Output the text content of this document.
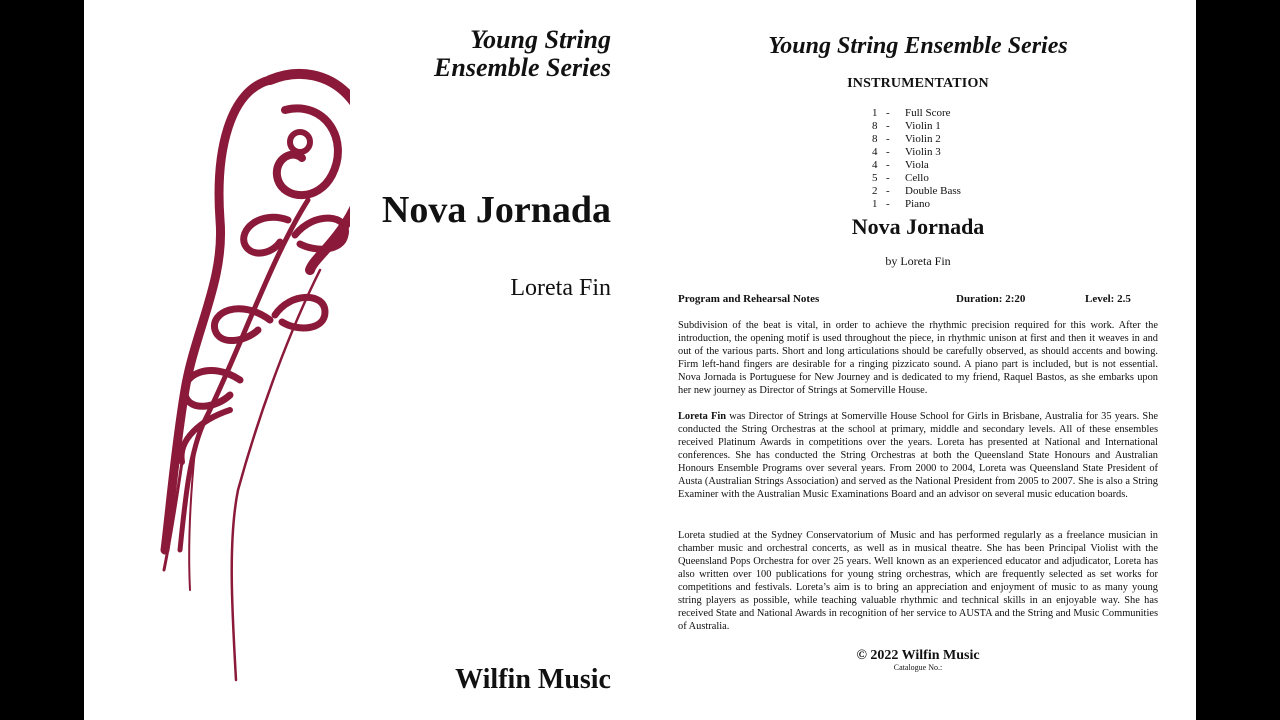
Young String
Ensemble Series
Nova Jornada
Loreta Fin
Wilfin Music
Young String Ensemble Series
INSTRUMENTATION
1 - Full Score
8 - Violin 1
8 - Violin 2
4 - Violin 3
4 - Viola
5 - Cello
2 - Double Bass
1 - Piano
Nova Jornada
by Loreta Fin
Program and Rehearsal Notes	Duration: 2:20	Level: 2.5

Subdivision of the beat is vital, in order to achieve the rhythmic precision required for this work. After the introduction, the opening motif is used throughout the piece, in rhythmic unison at first and then it weaves in and out of the various parts. Short and long articulations should be carefully observed, as should accents and bowing. Firm left-hand fingers are desirable for a ringing pizzicato sound. A piano part is included, but is not essential. Nova Jornada is Portuguese for New Journey and is dedicated to my friend, Raquel Bastos, as she embarks upon her new journey as Director of Strings at Somerville House.

Loreta Fin was Director of Strings at Somerville House School for Girls in Brisbane, Australia for 35 years. She conducted the String Orchestras at the school at primary, middle and secondary levels. All of these ensembles received Platinum Awards in competitions over the years. Loreta has presented at National and International conferences. She has conducted the String Orchestras at both the Queensland State Honours and Australian Honours Ensemble Programs over several years. From 2000 to 2004, Loreta was Queensland State President of Austa (Australian Strings Association) and served as the National President from 2005 to 2007. She is also a String Examiner with the Australian Music Examinations Board and an advisor on several music education boards.

Loreta studied at the Sydney Conservatorium of Music and has performed regularly as a freelance musician in chamber music and orchestral concerts, as well as in musical theatre. She has been Principal Violist with the Queensland Pops Orchestra for over 25 years. Well known as an experienced educator and adjudicator, Loreta has also written over 100 publications for young string orchestras, which are frequently selected as set works for competitions and festivals. Loreta’s aim is to bring an appreciation and enjoyment of music to as many young string players as possible, while teaching valuable rhythmic and technical skills in an enjoyable way. She has received State and National Awards in recognition of her service to AUSTA and the String and Music Communities of Australia.

© 2022 Wilfin Music
Catalogue No.:
